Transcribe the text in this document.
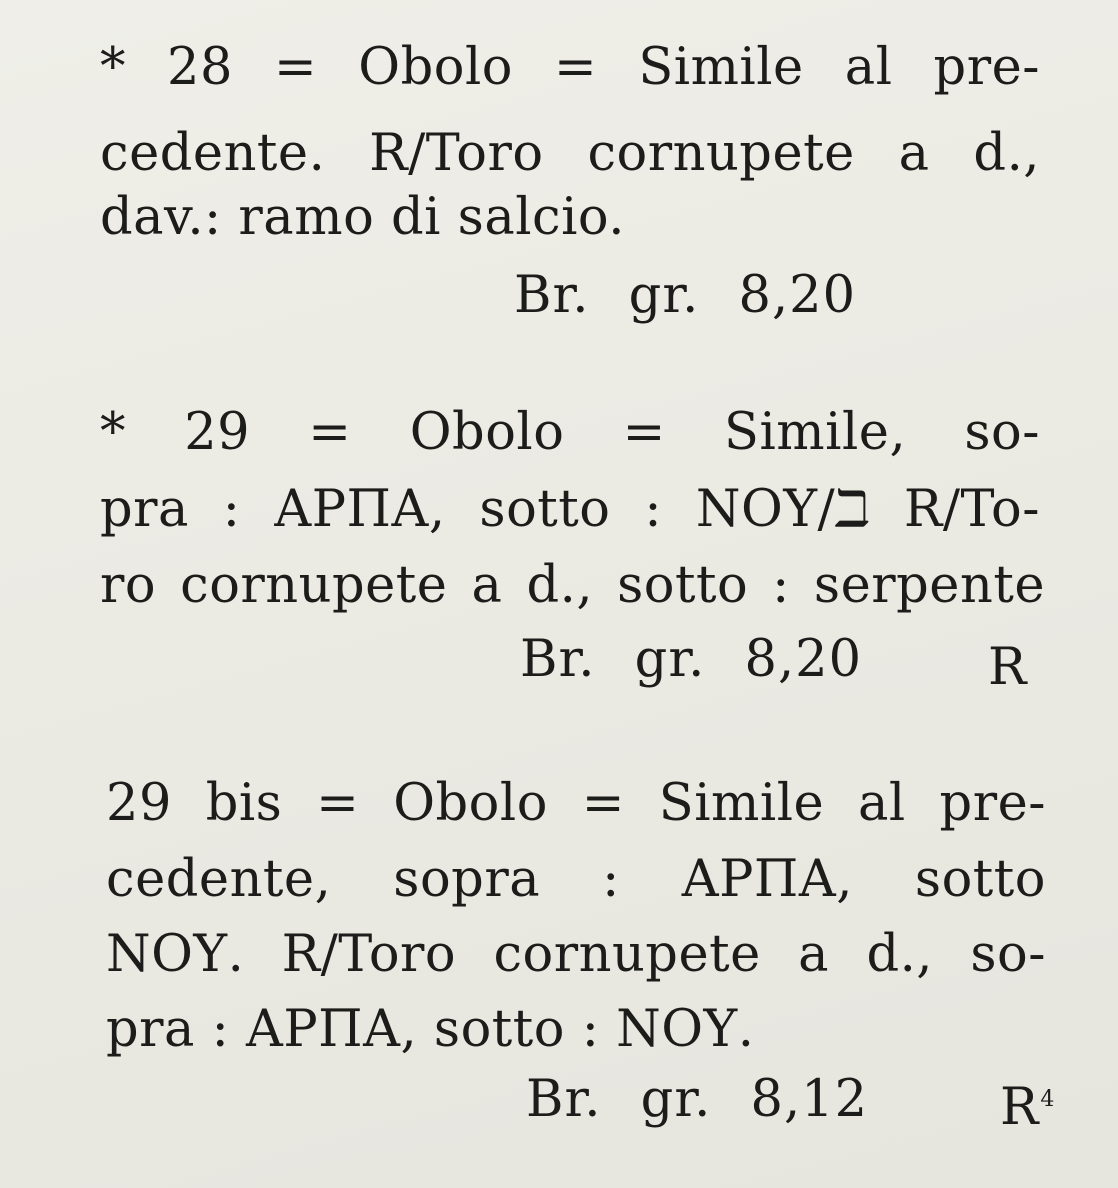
* 28 = Obolo = Simile al pre-
cedente. R/Toro cornupete a d.,
dav.: ramo di salcio.
Br. gr. 8,20
* 29 = Obolo = Simile, so-
pra : ΑΡΠΑ, sotto : ΝΟΥ/ℶ R/To-
ro cornupete a d., sotto : serpente
Br. gr. 8,20 R
29 bis = Obolo = Simile al pre-
cedente, sopra : ΑΡΠΑ, sotto
ΝΟΥ. R/Toro cornupete a d., so-
pra : ΑΡΠΑ, sotto : ΝΟΥ.
Br. gr. 8,12	$R^4$
